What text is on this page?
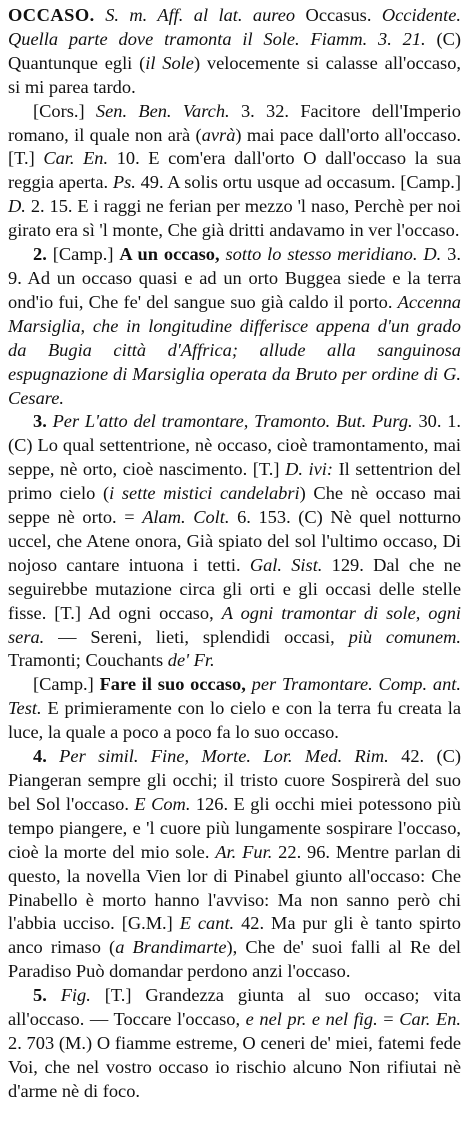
OCCASO. S. m. Aff. al lat. aureo Occasus. Occidente. Quella parte dove tramonta il Sole. Fiamm. 3. 21. (C) Quantunque egli (il Sole) velocemente si calasse all'occaso, si mi parea tardo.

[Cors.] Sen. Ben. Varch. 3. 32. Facitore dell'Imperio romano, il quale non arà (avrà) mai pace dall'orto all'occaso. [T.] Car. En. 10. E com'era dall'orto O dall'occaso la sua reggia aperta. Ps. 49. A solis ortu usque ad occasum. [Camp.] D. 2. 15. E i raggi ne ferian per mezzo 'l naso, Perchè per noi girato era sì 'l monte, Che già dritti andavamo in ver l'occaso.

2. [Camp.] A un occaso, sotto lo stesso meridiano. D. 3. 9. Ad un occaso quasi e ad un orto Buggea siede e la terra ond'io fui, Che fe' del sangue suo già caldo il porto. Accenna Marsiglia, che in longitudine differisce appena d'un grado da Bugia città d'Affrica; allude alla sanguinosa espugnazione di Marsiglia operata da Bruto per ordine di G. Cesare.

3. Per L'atto del tramontare, Tramonto. But. Purg. 30. 1. (C) Lo qual settentrione, nè occaso, cioè tramontamento, mai seppe, nè orto, cioè nascimento. [T.] D. ivi: Il settentrion del primo cielo (i sette mistici candelabri) Che nè occaso mai seppe nè orto. = Alam. Colt. 6. 153. (C) Nè quel notturno uccel, che Atene onora, Già spiato del sol l'ultimo occaso, Di nojoso cantare intuona i tetti. Gal. Sist. 129. Dal che ne seguirebbe mutazione circa gli orti e gli occasi delle stelle fisse. [T.] Ad ogni occaso, A ogni tramontar di sole, ogni sera. — Sereni, lieti, splendidi occasi, più comunem. Tramonti; Couchants de' Fr.

[Camp.] Fare il suo occaso, per Tramontare. Comp. ant. Test. E primieramente con lo cielo e con la terra fu creata la luce, la quale a poco a poco fa lo suo occaso.

4. Per simil. Fine, Morte. Lor. Med. Rim. 42. (C) Piangeran sempre gli occhi; il tristo cuore Sospirerà del suo bel Sol l'occaso. E Com. 126. E gli occhi miei potessono più tempo piangere, e 'l cuore più lungamente sospirare l'occaso, cioè la morte del mio sole. Ar. Fur. 22. 96. Mentre parlan di questo, la novella Vien lor di Pinabel giunto all'occaso: Che Pinabello è morto hanno l'avviso: Ma non sanno però chi l'abbia ucciso. [G.M.] E cant. 42. Ma pur gli è tanto spirto anco rimaso (a Brandimarte), Che de' suoi falli al Re del Paradiso Può domandar perdono anzi l'occaso.

5. Fig. [T.] Grandezza giunta al suo occaso; vita all'occaso. — Toccare l'occaso, e nel pr. e nel fig. = Car. En. 2. 703 (M.) O fiamme estreme, O ceneri de' miei, fatemi fede Voi, che nel vostro occaso io rischio alcuno Non rifiutai nè d'arme nè di foco.
